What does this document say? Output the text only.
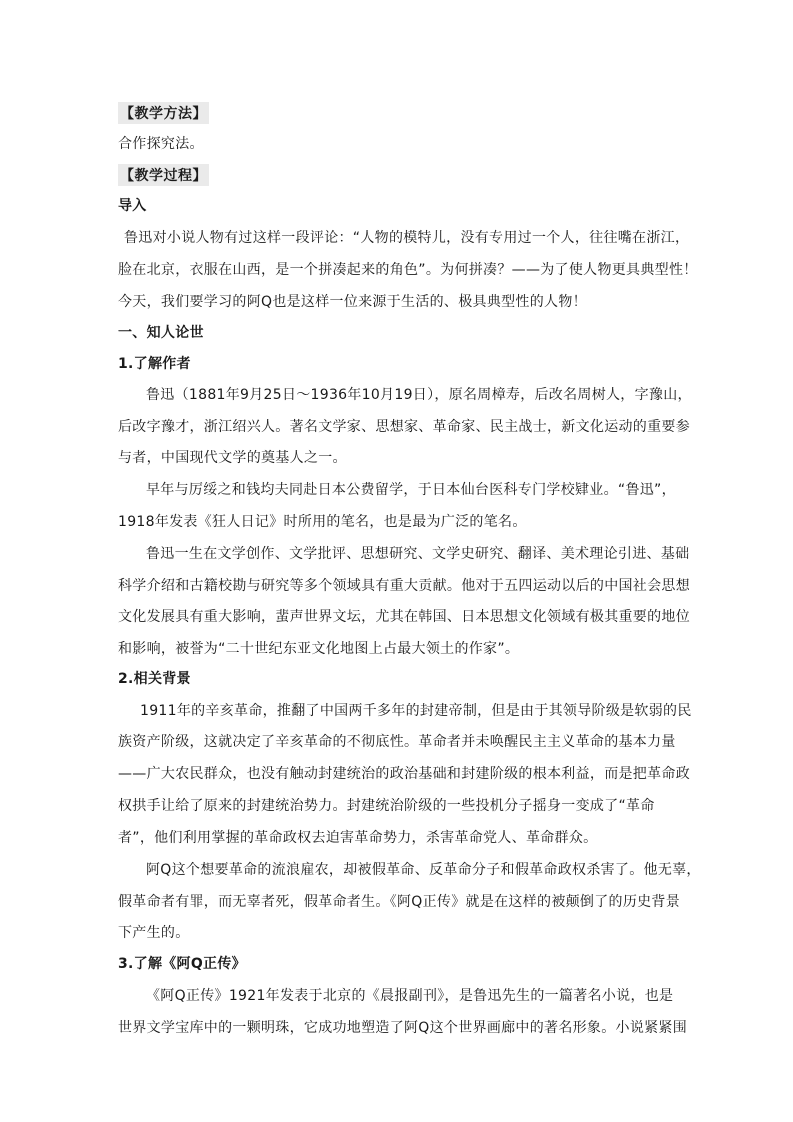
【教学方法】
合作探究法。
【教学过程】
导入
鲁迅对小说人物有过这样一段评论：“人物的模特儿，没有专用过一个人，往往嘴在浙江，
脸在北京，衣服在山西，是一个拼凑起来的角色”。为何拼凑？——为了使人物更具典型性！
今天，我们要学习的阿Q也是这样一位来源于生活的、极具典型性的人物！
一、知人论世
1.了解作者
鲁迅（1881年9月25日～1936年10月19日），原名周樟寿，后改名周树人，字豫山，
后改字豫才，浙江绍兴人。著名文学家、思想家、革命家、民主战士，新文化运动的重要参
与者，中国现代文学的奠基人之一。
早年与厉绥之和钱均夫同赴日本公费留学，于日本仙台医科专门学校肄业。“鲁迅”，
1918年发表《狂人日记》时所用的笔名，也是最为广泛的笔名。
鲁迅一生在文学创作、文学批评、思想研究、文学史研究、翻译、美术理论引进、基础
科学介绍和古籍校勘与研究等多个领域具有重大贡献。他对于五四运动以后的中国社会思想
文化发展具有重大影响，蜚声世界文坛，尤其在韩国、日本思想文化领域有极其重要的地位
和影响，被誉为“二十世纪东亚文化地图上占最大领土的作家”。
2.相关背景
1911年的辛亥革命，推翻了中国两千多年的封建帝制，但是由于其领导阶级是软弱的民
族资产阶级，这就决定了辛亥革命的不彻底性。革命者并未唤醒民主主义革命的基本力量
——广大农民群众，也没有触动封建统治的政治基础和封建阶级的根本利益，而是把革命政
权拱手让给了原来的封建统治势力。封建统治阶级的一些投机分子摇身一变成了“革命
者”，他们利用掌握的革命政权去迫害革命势力，杀害革命党人、革命群众。
阿Q这个想要革命的流浪雇农，却被假革命、反革命分子和假革命政权杀害了。他无辜，
假革命者有罪，而无辜者死，假革命者生。《阿Q正传》就是在这样的被颠倒了的历史背景
下产生的。
3.了解《阿Q正传》
《阿Q正传》1921年发表于北京的《晨报副刊》，是鲁迅先生的一篇著名小说，也是
世界文学宝库中的一颗明珠，它成功地塑造了阿Q这个世界画廊中的著名形象。小说紧紧围
